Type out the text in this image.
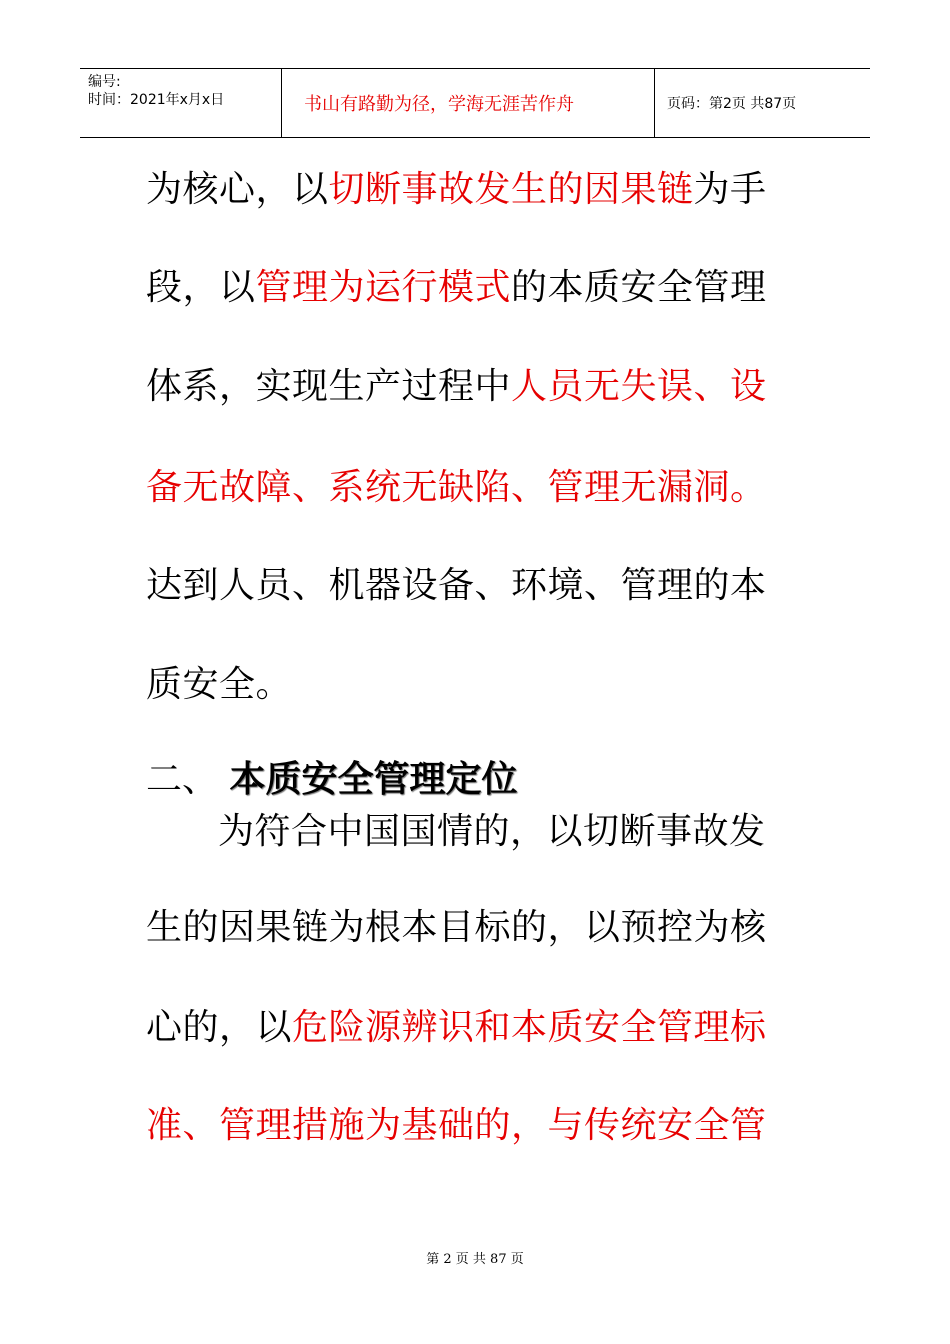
编号:
时间：2021年x月x日	书山有路勤为径，学海无涯苦作舟	页码：第2页 共87页
为核心，以切断事故发生的因果链为手
段，以管理为运行模式的本质安全管理
体系，实现生产过程中人员无失误、设
备无故障、系统无缺陷、管理无漏洞。
达到人员、机器设备、环境、管理的本
质安全。
二、 本质安全管理定位
为符合中国国情的，以切断事故发
生的因果链为根本目标的，以预控为核
心的，以危险源辨识和本质安全管理标
准、管理措施为基础的，与传统安全管
第 2 页 共 87 页
